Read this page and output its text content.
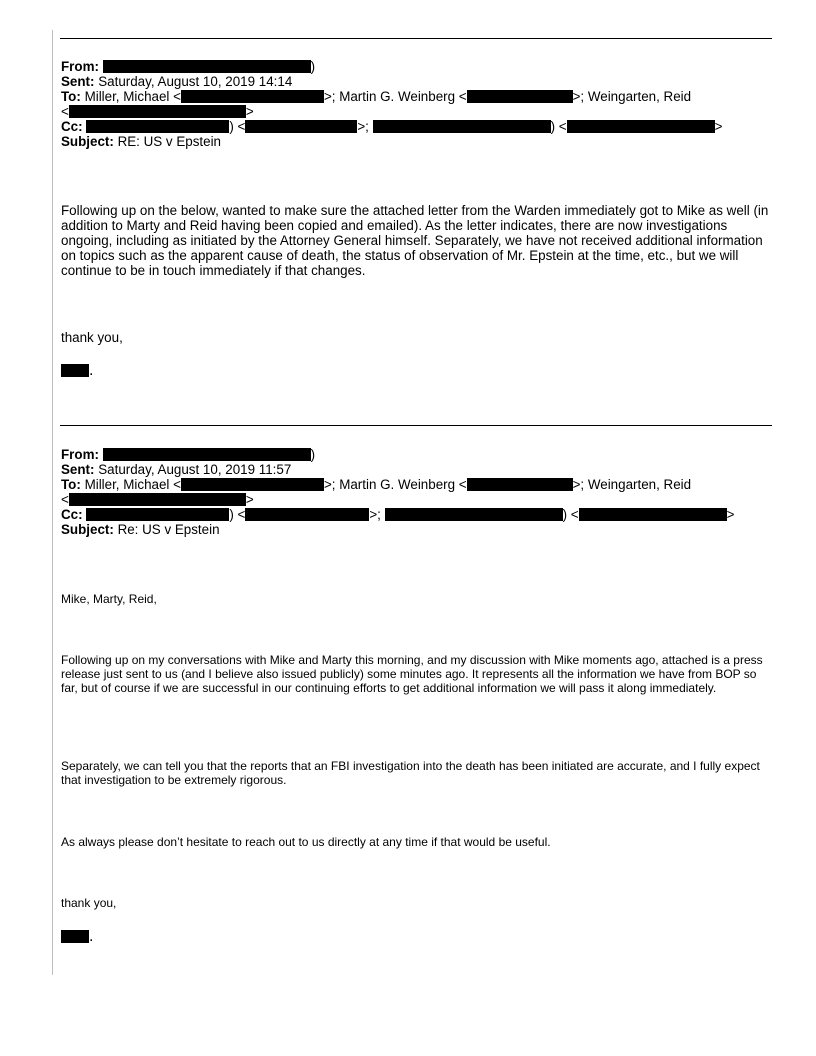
From:	)
Sent: Saturday, August 10, 2019 14:14
To: Miller, Michael <	>; Martin G. Weinberg <	>; Weingarten, Reid
<	>
Cc:	) <	>;	) <	>
Subject: RE: US v Epstein

Following up on the below, wanted to make sure the attached letter from the Warden immediately got to Mike as well (in addition to Marty and Reid having been copied and emailed). As the letter indicates, there are now investigations ongoing, including as initiated by the Attorney General himself. Separately, we have not received additional information on topics such as the apparent cause of death, the status of observation of Mr. Epstein at the time, etc., but we will continue to be in touch immediately if that changes.

thank you,

.
From:	)
Sent: Saturday, August 10, 2019 11:57
To: Miller, Michael <	>; Martin G. Weinberg <	>; Weingarten, Reid
<	>
Cc:	) <	>;	) <	>
Subject: Re: US v Epstein

Mike, Marty, Reid,

Following up on my conversations with Mike and Marty this morning, and my discussion with Mike moments ago, attached is a press release just sent to us (and I believe also issued publicly) some minutes ago. It represents all the information we have from BOP so far, but of course if we are successful in our continuing efforts to get additional information we will pass it along immediately.

Separately, we can tell you that the reports that an FBI investigation into the death has been initiated are accurate, and I fully expect that investigation to be extremely rigorous.

As always please don’t hesitate to reach out to us directly at any time if that would be useful.

thank you,

.
